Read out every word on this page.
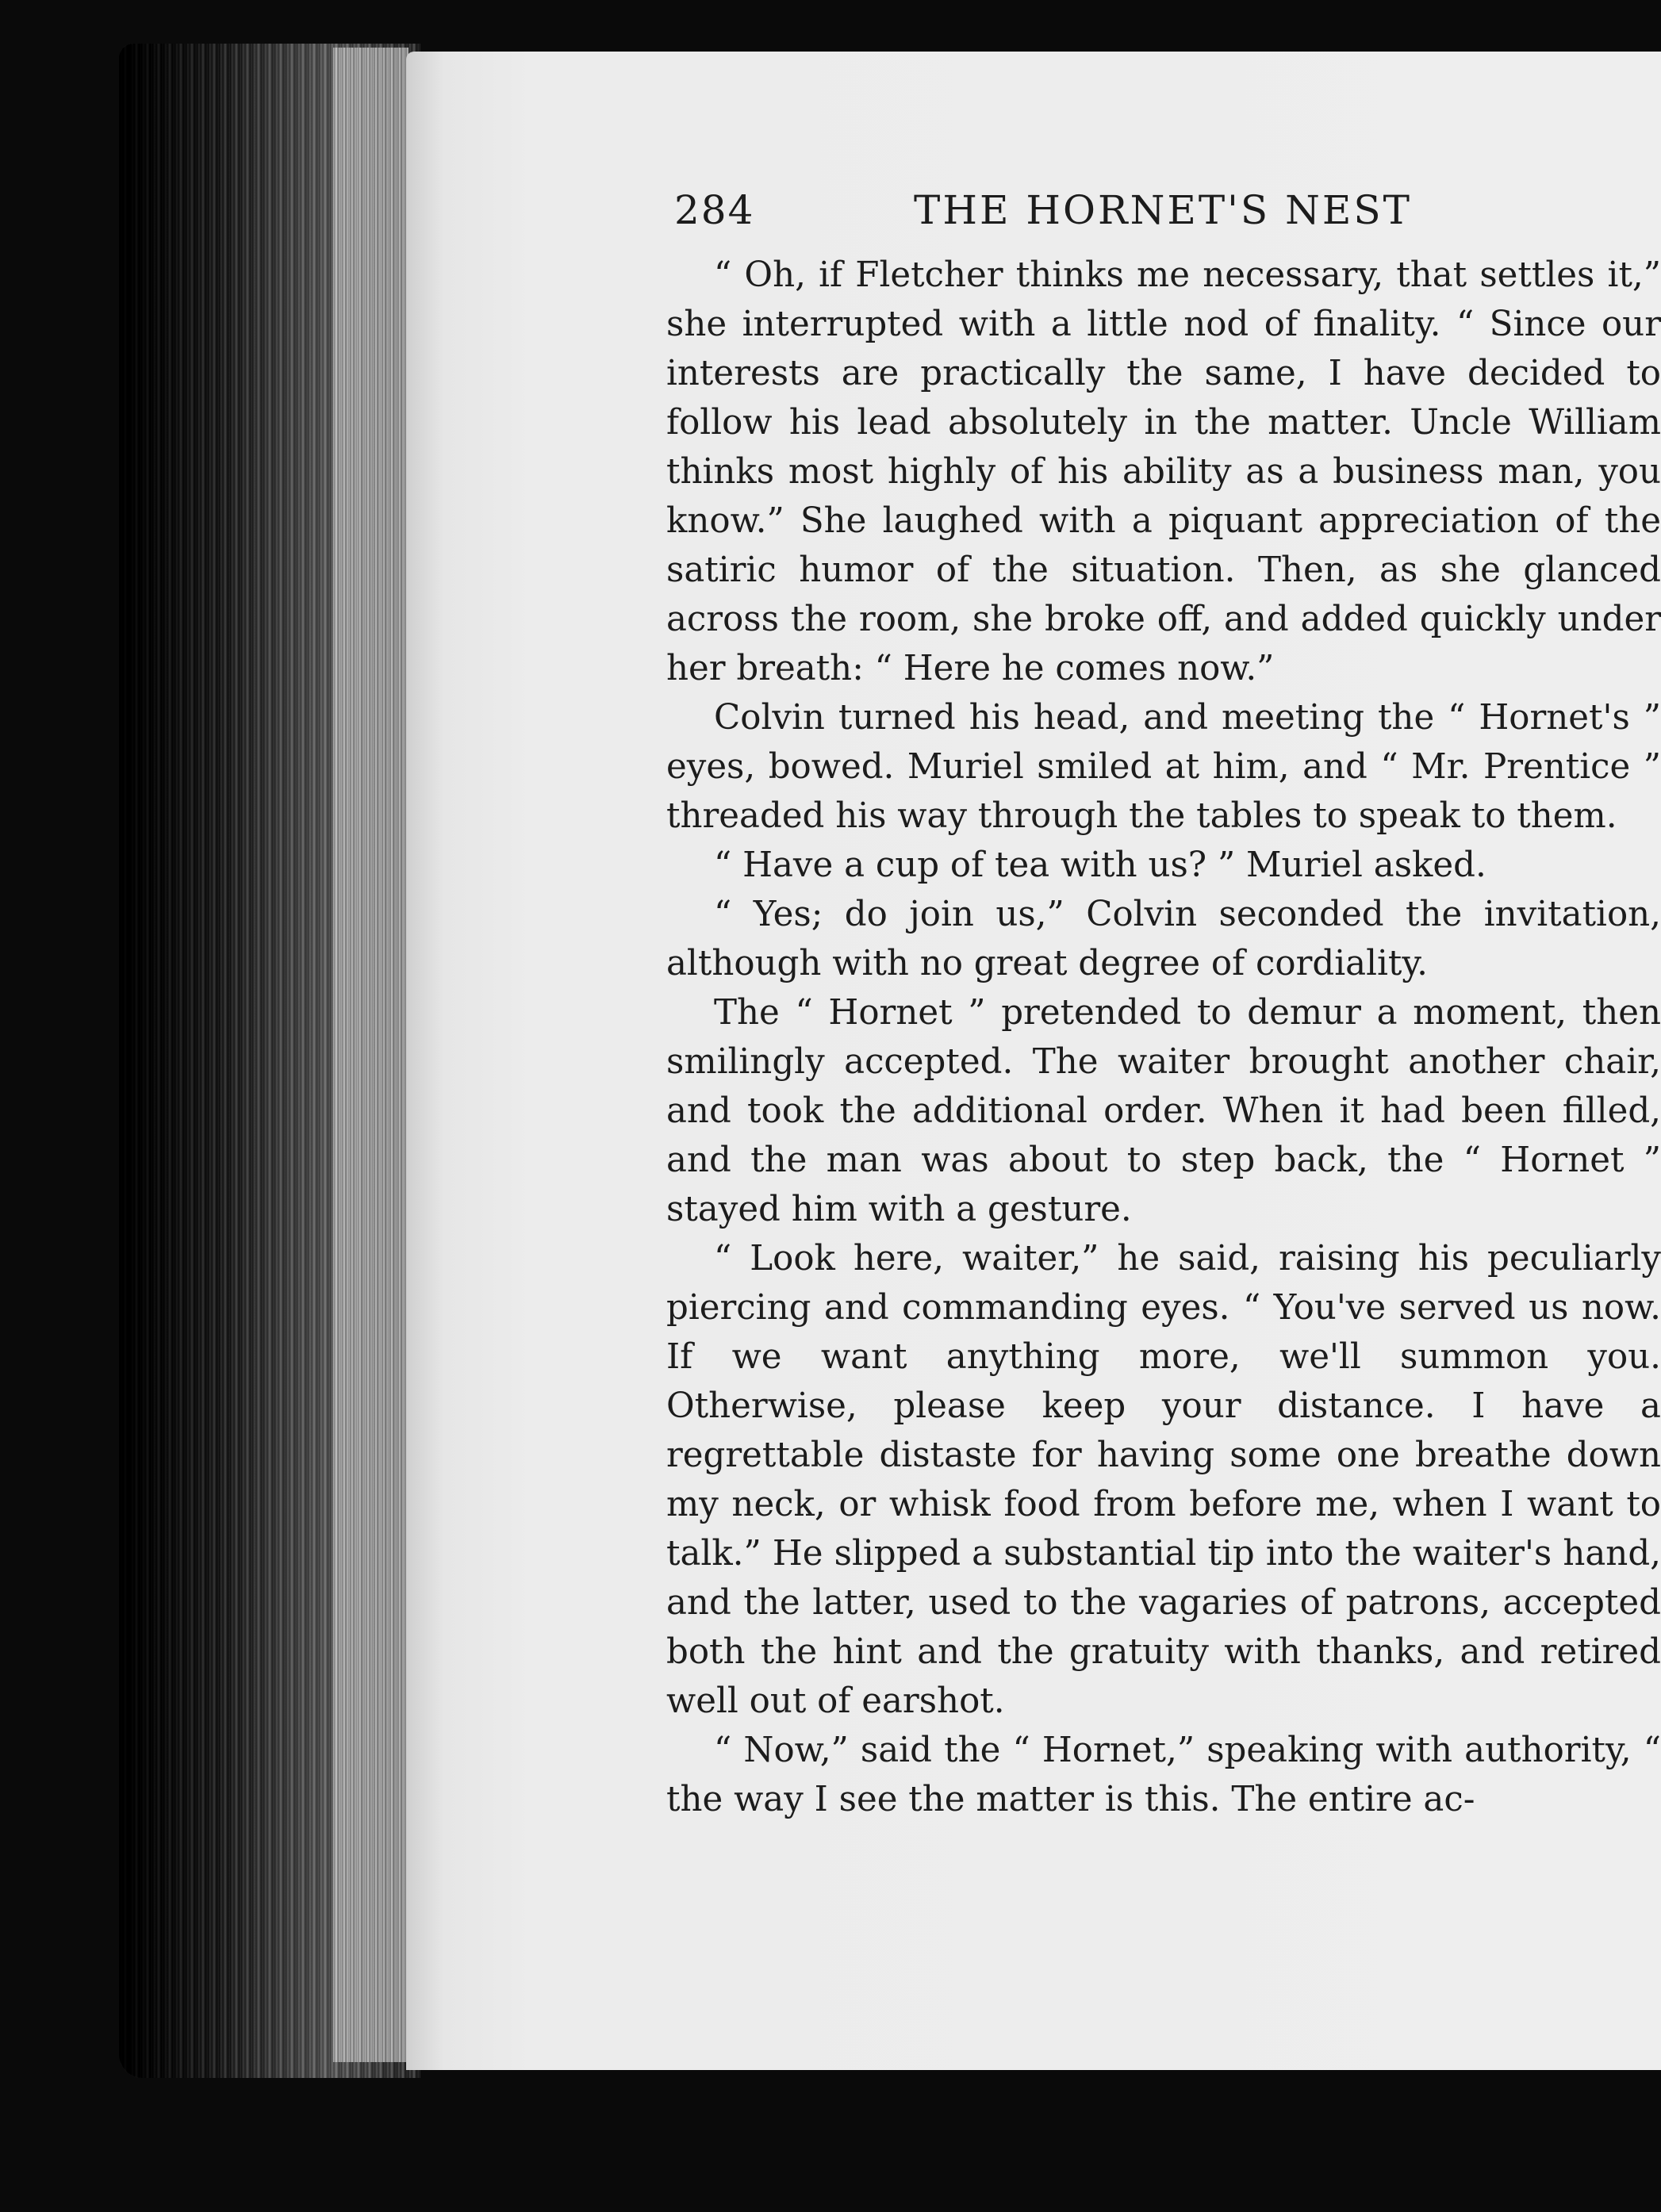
284	THE HORNET'S NEST

“ Oh, if Fletcher thinks me necessary, that settles it,” she interrupted with a little nod of finality. “ Since our interests are practically the same, I have decided to follow his lead absolutely in the matter. Uncle William thinks most highly of his ability as a business man, you know.” She laughed with a piquant appreciation of the satiric humor of the situation. Then, as she glanced across the room, she broke off, and added quickly under her breath: “ Here he comes now.”

Colvin turned his head, and meeting the “ Hornet's ” eyes, bowed. Muriel smiled at him, and “ Mr. Prentice ” threaded his way through the tables to speak to them.

“ Have a cup of tea with us? ” Muriel asked.

“ Yes; do join us,” Colvin seconded the invitation, although with no great degree of cordiality.

The “ Hornet ” pretended to demur a moment, then smilingly accepted. The waiter brought another chair, and took the additional order. When it had been filled, and the man was about to step back, the “ Hornet ” stayed him with a gesture.

“ Look here, waiter,” he said, raising his peculiarly piercing and commanding eyes. “ You've served us now. If we want anything more, we'll summon you. Otherwise, please keep your distance. I have a regrettable distaste for having some one breathe down my neck, or whisk food from before me, when I want to talk.” He slipped a substantial tip into the waiter's hand, and the latter, used to the vagaries of patrons, accepted both the hint and the gratuity with thanks, and retired well out of earshot.

“ Now,” said the “ Hornet,” speaking with authority, “ the way I see the matter is this. The entire ac-
